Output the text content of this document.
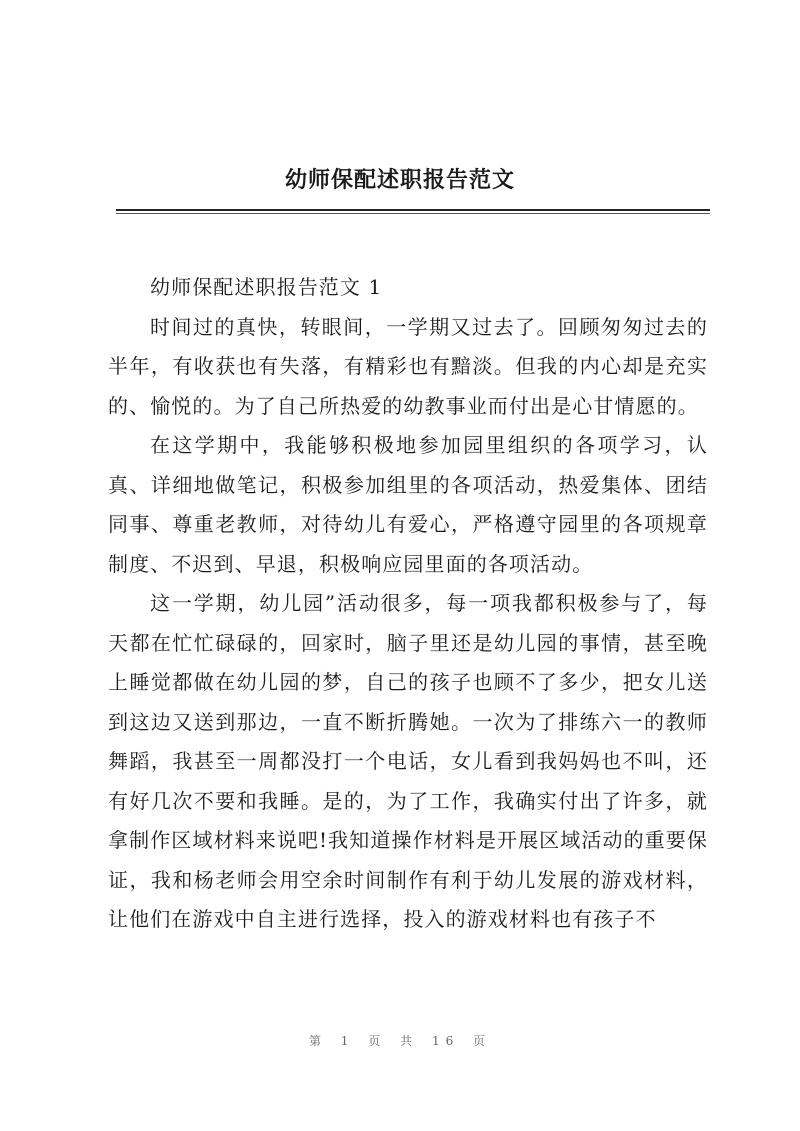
幼师保配述职报告范文

幼师保配述职报告范文 1

时间过的真快，转眼间，一学期又过去了。回顾匆匆过去的半年，有收获也有失落，有精彩也有黯淡。但我的内心却是充实的、愉悦的。为了自己所热爱的幼教事业而付出是心甘情愿的。

在这学期中，我能够积极地参加园里组织的各项学习，认真、详细地做笔记，积极参加组里的各项活动，热爱集体、团结同事、尊重老教师，对待幼儿有爱心，严格遵守园里的各项规章制度、不迟到、早退，积极响应园里面的各项活动。

这一学期，幼儿园”活动很多，每一项我都积极参与了，每天都在忙忙碌碌的，回家时，脑子里还是幼儿园的事情，甚至晚上睡觉都做在幼儿园的梦，自己的孩子也顾不了多少，把女儿送到这边又送到那边，一直不断折腾她。一次为了排练六一的教师舞蹈，我甚至一周都没打一个电话，女儿看到我妈妈也不叫，还有好几次不要和我睡。是的，为了工作，我确实付出了许多，就拿制作区域材料来说吧!我知道操作材料是开展区域活动的重要保证，我和杨老师会用空余时间制作有利于幼儿发展的游戏材料，让他们在游戏中自主进行选择，投入的游戏材料也有孩子不

第 1 页 共 16 页
